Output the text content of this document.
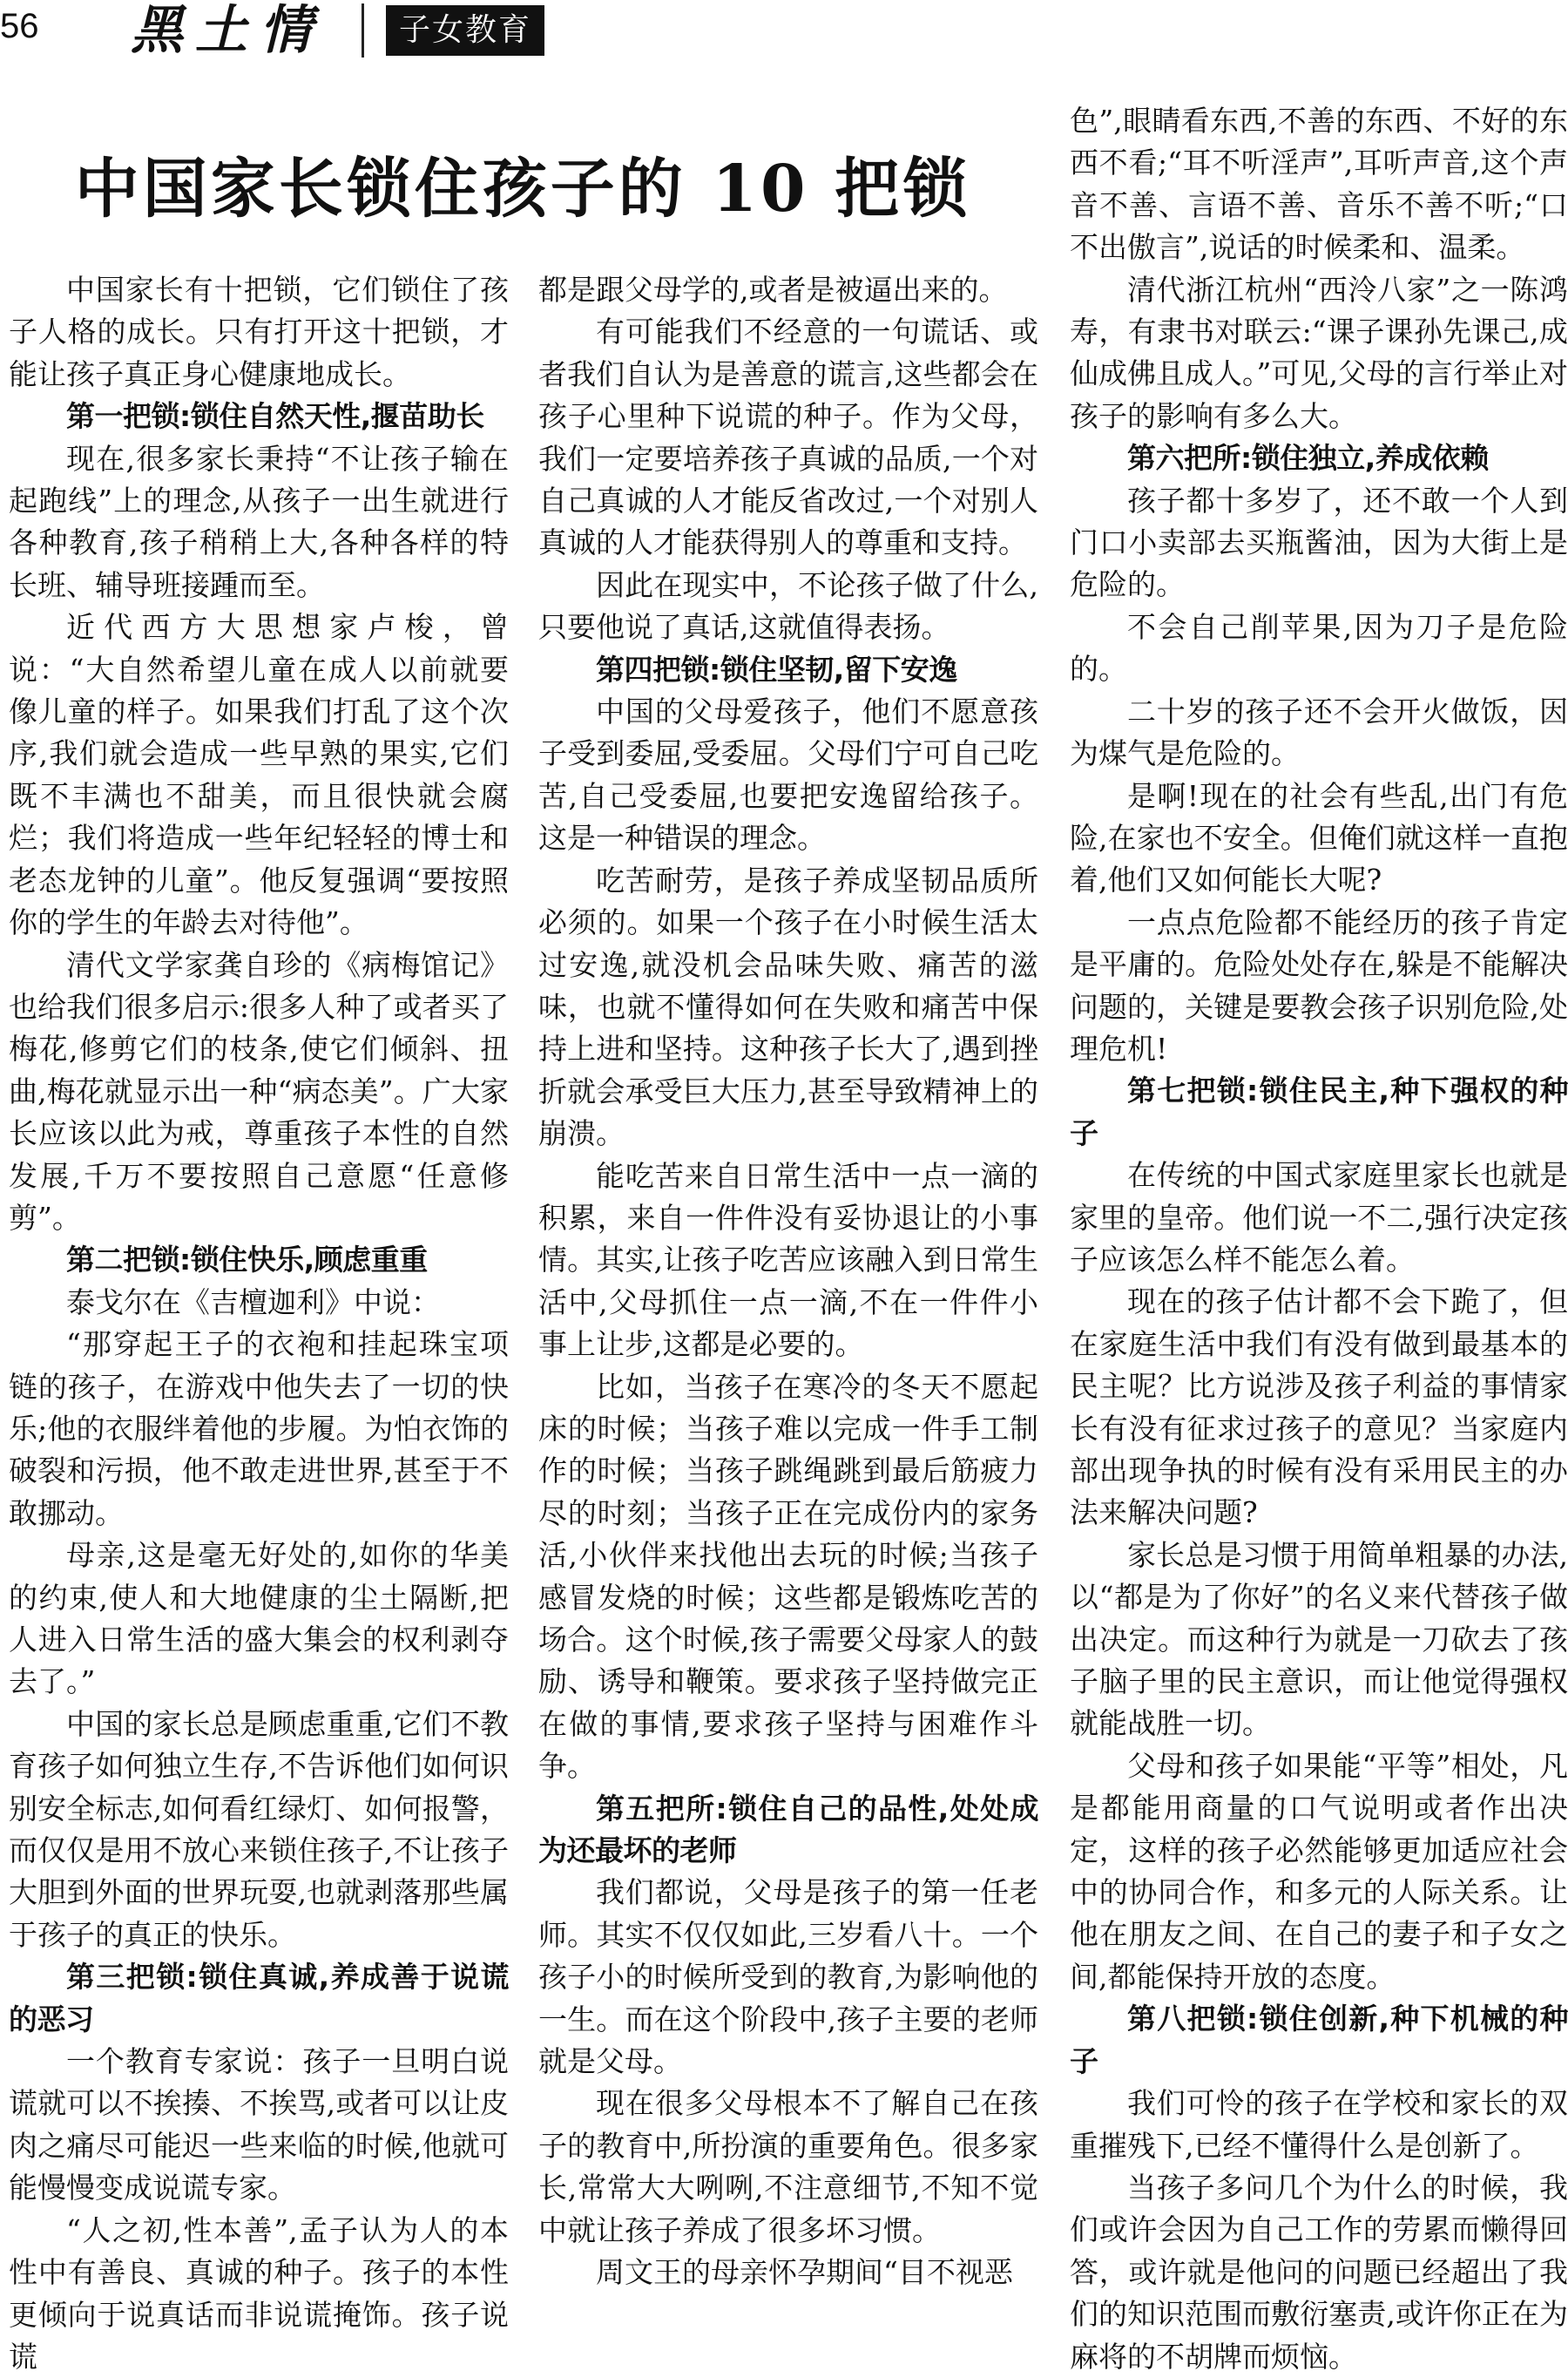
56 黑土情	子女教育
中国家长锁住孩子的 10 把锁

中国家长有十把锁，它们锁住了孩子人格的成长。只有打开这十把锁，才能让孩子真正身心健康地成长。

第一把锁:锁住自然天性,揠苗助长

现在,很多家长秉持“不让孩子输在起跑线”上的理念,从孩子一出生就进行各种教育,孩子稍稍上大,各种各样的特长班、辅导班接踵而至。

近代西方大思想家卢梭，曾说：“大自然希望儿童在成人以前就要像儿童的样子。如果我们打乱了这个次序,我们就会造成一些早熟的果实,它们既不丰满也不甜美，而且很快就会腐烂；我们将造成一些年纪轻轻的博士和老态龙钟的儿童”。他反复强调“要按照你的学生的年龄去对待他”。

清代文学家龚自珍的《病梅馆记》也给我们很多启示:很多人种了或者买了梅花,修剪它们的枝条,使它们倾斜、扭曲,梅花就显示出一种“病态美”。广大家长应该以此为戒，尊重孩子本性的自然发展,千万不要按照自己意愿“任意修剪”。

第二把锁:锁住快乐,顾虑重重

泰戈尔在《吉檀迦利》中说：

“那穿起王子的衣袍和挂起珠宝项链的孩子，在游戏中他失去了一切的快乐;他的衣服绊着他的步履。为怕衣饰的破裂和污损，他不敢走进世界,甚至于不敢挪动。

母亲,这是毫无好处的,如你的华美的约束,使人和大地健康的尘土隔断,把人进入日常生活的盛大集会的权利剥夺去了。”

中国的家长总是顾虑重重,它们不教育孩子如何独立生存,不告诉他们如何识别安全标志,如何看红绿灯、如何报警，而仅仅是用不放心来锁住孩子,不让孩子大胆到外面的世界玩耍,也就剥落那些属于孩子的真正的快乐。

第三把锁:锁住真诚,养成善于说谎的恶习

一个教育专家说：孩子一旦明白说谎就可以不挨揍、不挨骂,或者可以让皮肉之痛尽可能迟一些来临的时候,他就可能慢慢变成说谎专家。

“人之初,性本善”,孟子认为人的本性中有善良、真诚的种子。孩子的本性更倾向于说真话而非说谎掩饰。孩子说谎

都是跟父母学的,或者是被逼出来的。

有可能我们不经意的一句谎话、或者我们自认为是善意的谎言,这些都会在孩子心里种下说谎的种子。作为父母，我们一定要培养孩子真诚的品质,一个对自己真诚的人才能反省改过,一个对别人真诚的人才能获得别人的尊重和支持。

因此在现实中，不论孩子做了什么,只要他说了真话,这就值得表扬。

第四把锁:锁住坚韧,留下安逸

中国的父母爱孩子，他们不愿意孩子受到委屈,受委屈。父母们宁可自己吃苦,自己受委屈,也要把安逸留给孩子。这是一种错误的理念。

吃苦耐劳，是孩子养成坚韧品质所必须的。如果一个孩子在小时候生活太过安逸,就没机会品味失败、痛苦的滋味，也就不懂得如何在失败和痛苦中保持上进和坚持。这种孩子长大了,遇到挫折就会承受巨大压力,甚至导致精神上的崩溃。

能吃苦来自日常生活中一点一滴的积累，来自一件件没有妥协退让的小事情。其实,让孩子吃苦应该融入到日常生活中,父母抓住一点一滴,不在一件件小事上让步,这都是必要的。

比如，当孩子在寒冷的冬天不愿起床的时候；当孩子难以完成一件手工制作的时候；当孩子跳绳跳到最后筋疲力尽的时刻；当孩子正在完成份内的家务活,小伙伴来找他出去玩的时候;当孩子感冒发烧的时候；这些都是锻炼吃苦的场合。这个时候,孩子需要父母家人的鼓励、诱导和鞭策。要求孩子坚持做完正在做的事情,要求孩子坚持与困难作斗争。

第五把所:锁住自己的品性,处处成为还最坏的老师

我们都说，父母是孩子的第一任老师。其实不仅仅如此,三岁看八十。一个孩子小的时候所受到的教育,为影响他的一生。而在这个阶段中,孩子主要的老师就是父母。

现在很多父母根本不了解自己在孩子的教育中,所扮演的重要角色。很多家长,常常大大咧咧,不注意细节,不知不觉中就让孩子养成了很多坏习惯。

周文王的母亲怀孕期间“目不视恶

色”,眼睛看东西,不善的东西、不好的东西不看;“耳不听淫声”,耳听声音,这个声音不善、言语不善、音乐不善不听;“口不出傲言”,说话的时候柔和、温柔。

清代浙江杭州“西泠八家”之一陈鸿寿，有隶书对联云:“课子课孙先课己,成仙成佛且成人。”可见,父母的言行举止对孩子的影响有多么大。

第六把所:锁住独立,养成依赖

孩子都十多岁了，还不敢一个人到门口小卖部去买瓶酱油，因为大街上是危险的。

不会自己削苹果,因为刀子是危险的。

二十岁的孩子还不会开火做饭，因为煤气是危险的。

是啊!现在的社会有些乱,出门有危险,在家也不安全。但俺们就这样一直抱着,他们又如何能长大呢?

一点点危险都不能经历的孩子肯定是平庸的。危险处处存在,躲是不能解决问题的，关键是要教会孩子识别危险,处理危机!

第七把锁:锁住民主,种下强权的种子

在传统的中国式家庭里家长也就是家里的皇帝。他们说一不二,强行决定孩子应该怎么样不能怎么着。

现在的孩子估计都不会下跪了，但在家庭生活中我们有没有做到最基本的民主呢？比方说涉及孩子利益的事情家长有没有征求过孩子的意见？当家庭内部出现争执的时候有没有采用民主的办法来解决问题?

家长总是习惯于用简单粗暴的办法,以“都是为了你好”的名义来代替孩子做出决定。而这种行为就是一刀砍去了孩子脑子里的民主意识，而让他觉得强权就能战胜一切。

父母和孩子如果能“平等”相处，凡是都能用商量的口气说明或者作出决定，这样的孩子必然能够更加适应社会中的协同合作，和多元的人际关系。让他在朋友之间、在自己的妻子和子女之间,都能保持开放的态度。

第八把锁:锁住创新,种下机械的种子

我们可怜的孩子在学校和家长的双重摧残下,已经不懂得什么是创新了。

当孩子多问几个为什么的时候，我们或许会因为自己工作的劳累而懒得回答，或许就是他问的问题已经超出了我们的知识范围而敷衍塞责,或许你正在为麻将的不胡牌而烦恼。
